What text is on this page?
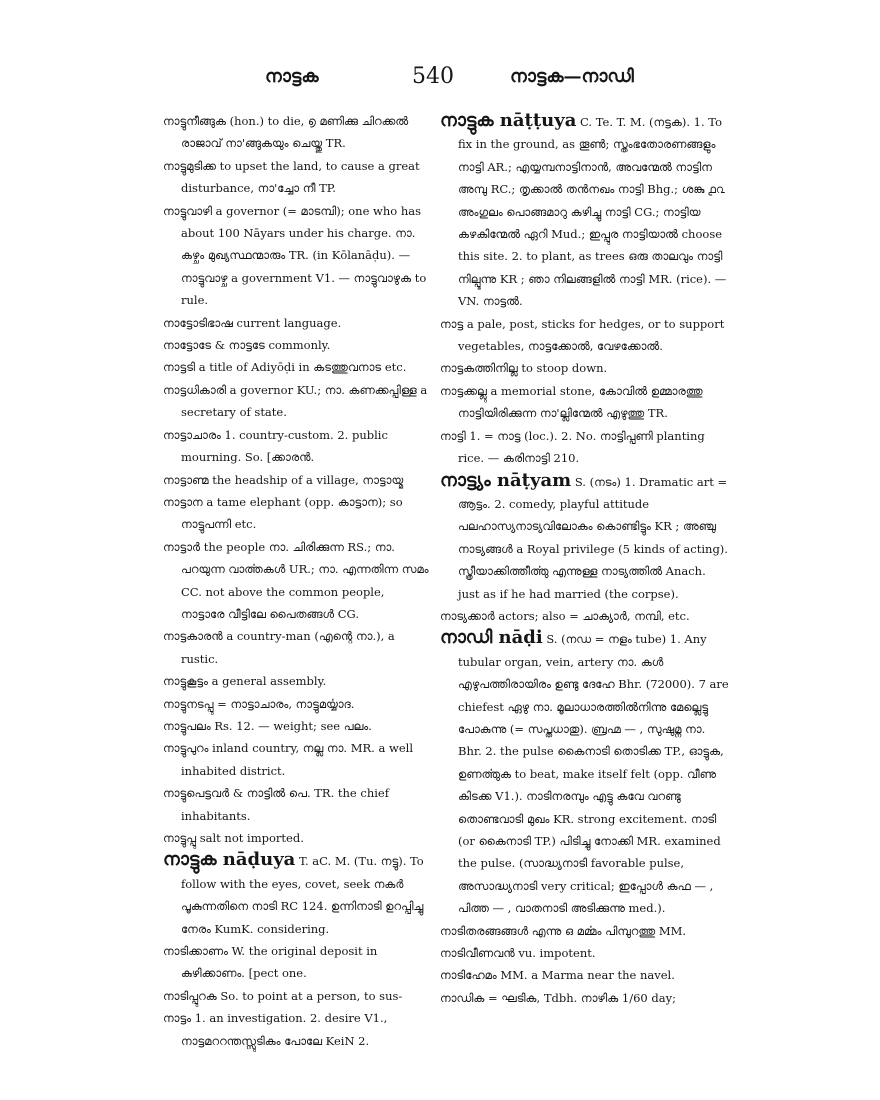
നാട്ടക	540	നാട്ടക—നാഡി

നാട്ടുനീങ്ങുക (hon.) to die, ൭ മണിക്കു ചിറക്കൽ രാജാവ് നാ'ങ്ങുകയും ചെയ്തു TR.

നാട്ടുമുടിക്ക to upset the land, to cause a great disturbance, നാ'ച്ചോ നീ TP.

നാട്ടുവാഴി a governor (= മാടമ്പി); one who has about 100 Nāyars under his charge. നാ. കഴ്ചം മുഖ്യസ്ഥന്മാരും TR. (in Kōlanāḍu). — നാട്ടുവാഴ്ച a government V1. — നാട്ടുവാഴുക to rule.

നാട്ടോടിഭാഷ current language.

നാട്ടോടേ & നാട്ടടേ commonly.

നാട്ടടി a title of Adiyōḍi in കടത്തുവനാട etc.

നാട്ടധികാരി a governor KU.; നാ. കണക്കപ്പിള്ള a secretary of state.

നാട്ടാചാരം 1. country-custom. 2. public mourning. So. [ക്കാരൻ.

നാട്ടാണ്മ the headship of a village, നാട്ടായ്മ

നാട്ടാന a tame elephant (opp. കാട്ടാന); so നാട്ടുപന്നി etc.

നാട്ടാർ the people നാ. ചിരിക്കുന്ന RS.; നാ. പറയുന്ന വാൎത്തകൾ UR.; നാ. എന്നതിന്ന സമം CC. not above the common people, നാട്ടാരേ വീട്ടിലേ പൈതങ്ങൾ CG.

നാട്ടകാരൻ a country-man (എന്റെ നാ.), a rustic.

നാട്ടുകൂട്ടം a general assembly.

നാട്ടുനടപ്പു = നാട്ടാചാരം, നാട്ടുമൎയ്യാദ.

നാട്ടുപലം Rs. 12. — weight; see പലം.

നാട്ടുപുറം inland country, നല്ല നാ. MR. a well inhabited district.

നാട്ടുപെട്ടവർ & നാട്ടിൽ പെ. TR. the chief inhabitants.

നാട്ടുപ്പു salt not imported.

നാട്ടുക nāḍuya T. aC. M. (Tu. നട്ടു). To follow with the eyes, covet, seek നകർ പൂകുന്നതിനെ നാടി RC 124. ഉന്നിനാടി ഉറപ്പിച്ചു നേരം KumK. considering.

നാടിക്കാണം W. the original deposit in കുഴിക്കാണം. [pect one.

നാടിപ്പുറക So. to point at a person, to sus-

നാട്ടം 1. an investigation. 2. desire V1., നാട്ടമററന്തസ്സുടികം പോലേ KeiN 2.

നാട്ടുക nāṭṭuya C. Te. T. M. (നട്ടക). 1. To fix in the ground, as തൂൺ; സ്തംഭതോരണങ്ങളും നാട്ടി AR.; എയ്യമ്പനാട്ടിനാൻ, അവന്മേൽ നാട്ടിന അമ്പു RC.; തൃക്കാൽ തൻനഖം നാട്ടി Bhg.; ശങ്കു ൧൨ അംഗുലം പൊങ്ങമാറു കഴിച്ചു നാട്ടി CG.; നാട്ടിയ കഴകിന്മേൽ ഏറി Mud.; ഇപ്പുര നാട്ടിയാൽ choose this site. 2. to plant, as trees ഒരു താലവും നാട്ടി നില്പൂന്നു KR ; ഞാ നിലങ്ങളിൽ നാട്ടി MR. (rice). — VN. നാട്ടൽ.

നാട്ട a pale, post, sticks for hedges, or to support vegetables, നാട്ടക്കോൽ, വേഴക്കോൽ.

നാട്ടകത്തിനില്ല to stoop down.

നാട്ടക്കല്ലു a memorial stone, കോവിൽ ഉമ്മാരത്തു നാട്ടിയിരിക്കുന്ന നാ'ല്ലിന്മേൽ എഴുത്തു TR.

നാട്ടി 1. = നാട്ട (loc.). 2. No. നാട്ടിപ്പണി planting rice. — കരിനാട്ടി 210.

നാട്ട്യം nāṭyam S. (നടം) 1. Dramatic art = ആട്ടം. 2. comedy, playful attitude പലഹാസ്യനാട്യവിലോകം കൊണ്ടിട്ടും KR ; അഞ്ചു നാട്യങ്ങൾ a Royal privilege (5 kinds of acting). സ്ത്രീയാക്കിത്തീൎത്തു എന്നുള്ള നാട്യത്തിൽ Anach. just as if he had married (the corpse).

നാട്യക്കാർ actors; also = ചാക്യാർ, നമ്പി, etc.

നാഡി nāḍi S. (നഡ = നളം tube) 1. Any tubular organ, vein, artery നാ. കൾ എഴുപത്തിരായിരം ഉണ്ടു ദേഹേ Bhr. (72000). 7 are chiefest ഏഴു നാ. മൂലാധാരത്തിൽനിന്നു മേല്ലെട്ടു പോകുന്നു (= സപ്തധാതു). ബ്രഹ്മ — , സുഷുമ്ന നാ. Bhr. 2. the pulse കൈനാടി തൊടിക്ക TP., ഓട്ടുക, ഉണൎത്തുക to beat, make itself felt (opp. വീണു കിടക്ക V1.). നാടിനരമ്പും എട്ടു കവേ വറണ്ടു തൊണ്ടവാടി മുഖം KR. strong excitement. നാടി (or കൈനാടി TP.) പിടിച്ചു നോക്കി MR. examined the pulse. (സാദ്ധ്യനാടി favorable pulse, അസാദ്ധ്യനാടി very critical; ഇപ്പോൾ കഫ — , പിത്ത — , വാതനാടി അടിക്കുന്നു med.).

നാടിതരങ്ങങ്ങൾ എന്നു ഒ മൎമ്മം പിമ്പുറത്തു MM.

നാടിവീണവൻ vu. impotent.

നാടിഹേമം MM. a Marma near the navel.

നാഡിക = ഘടിക, Tdbh. നാഴിക 1/60 day;
